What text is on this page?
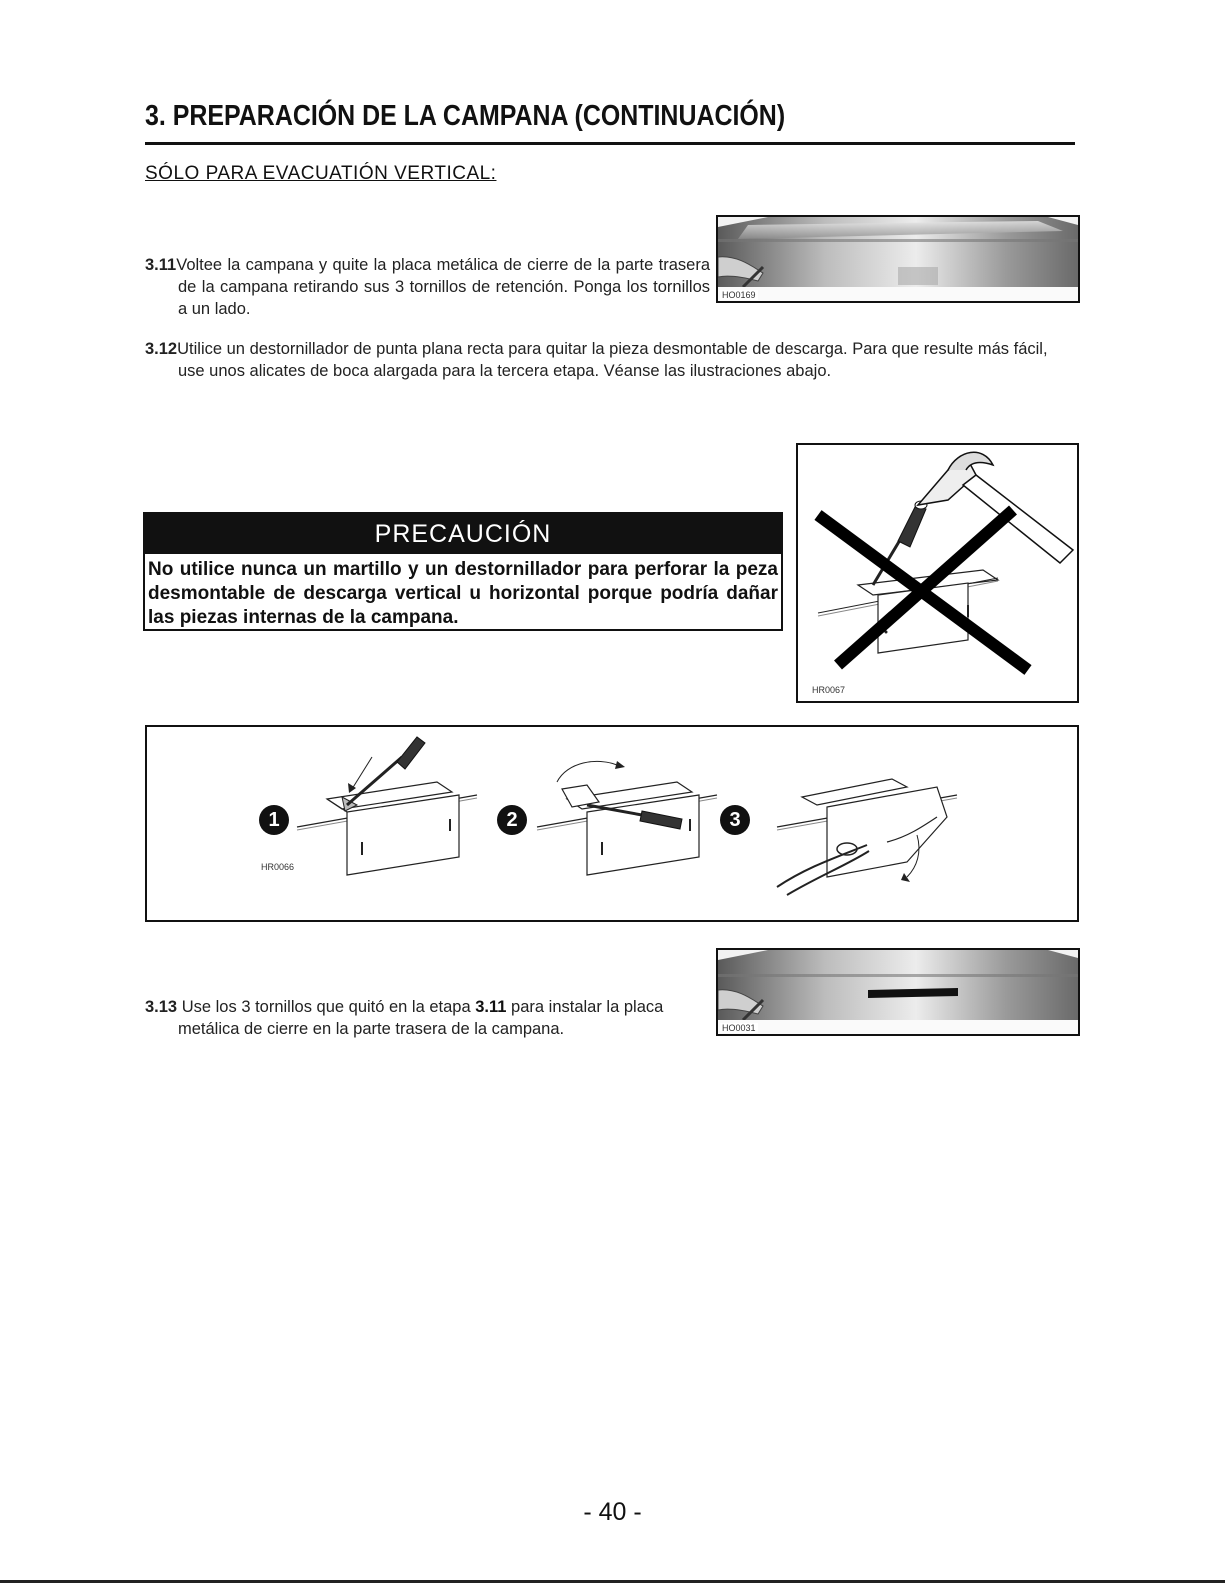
3. PREPARACIÓN DE LA CAMPANA (CONTINUACIÓN)
SÓLO PARA EVACUATIÓN VERTICAL:
3.11Voltee la campana y quite la placa metálica de cierre de la parte trasera de la campana retirando sus 3 tornillos de retención. Ponga los tornillos a un lado.
HO0169
3.12Utilice un destornillador de punta plana recta para quitar la pieza desmontable de descarga. Para que resulte más fácil, use unos alicates de boca alargada para la tercera etapa. Véanse las ilustraciones abajo.
PRECAUCIÓN
No utilice nunca un martillo y un destornillador para perforar la peza desmontable de descarga vertical u horizontal porque podría dañar las piezas internas de la campana.
HR0067
1	2	3
HR0066
3.13 Use los 3 tornillos que quitó en la etapa 3.11 para instalar la placa metálica de cierre en la parte trasera de la campana.	HO0031
- 40 -
